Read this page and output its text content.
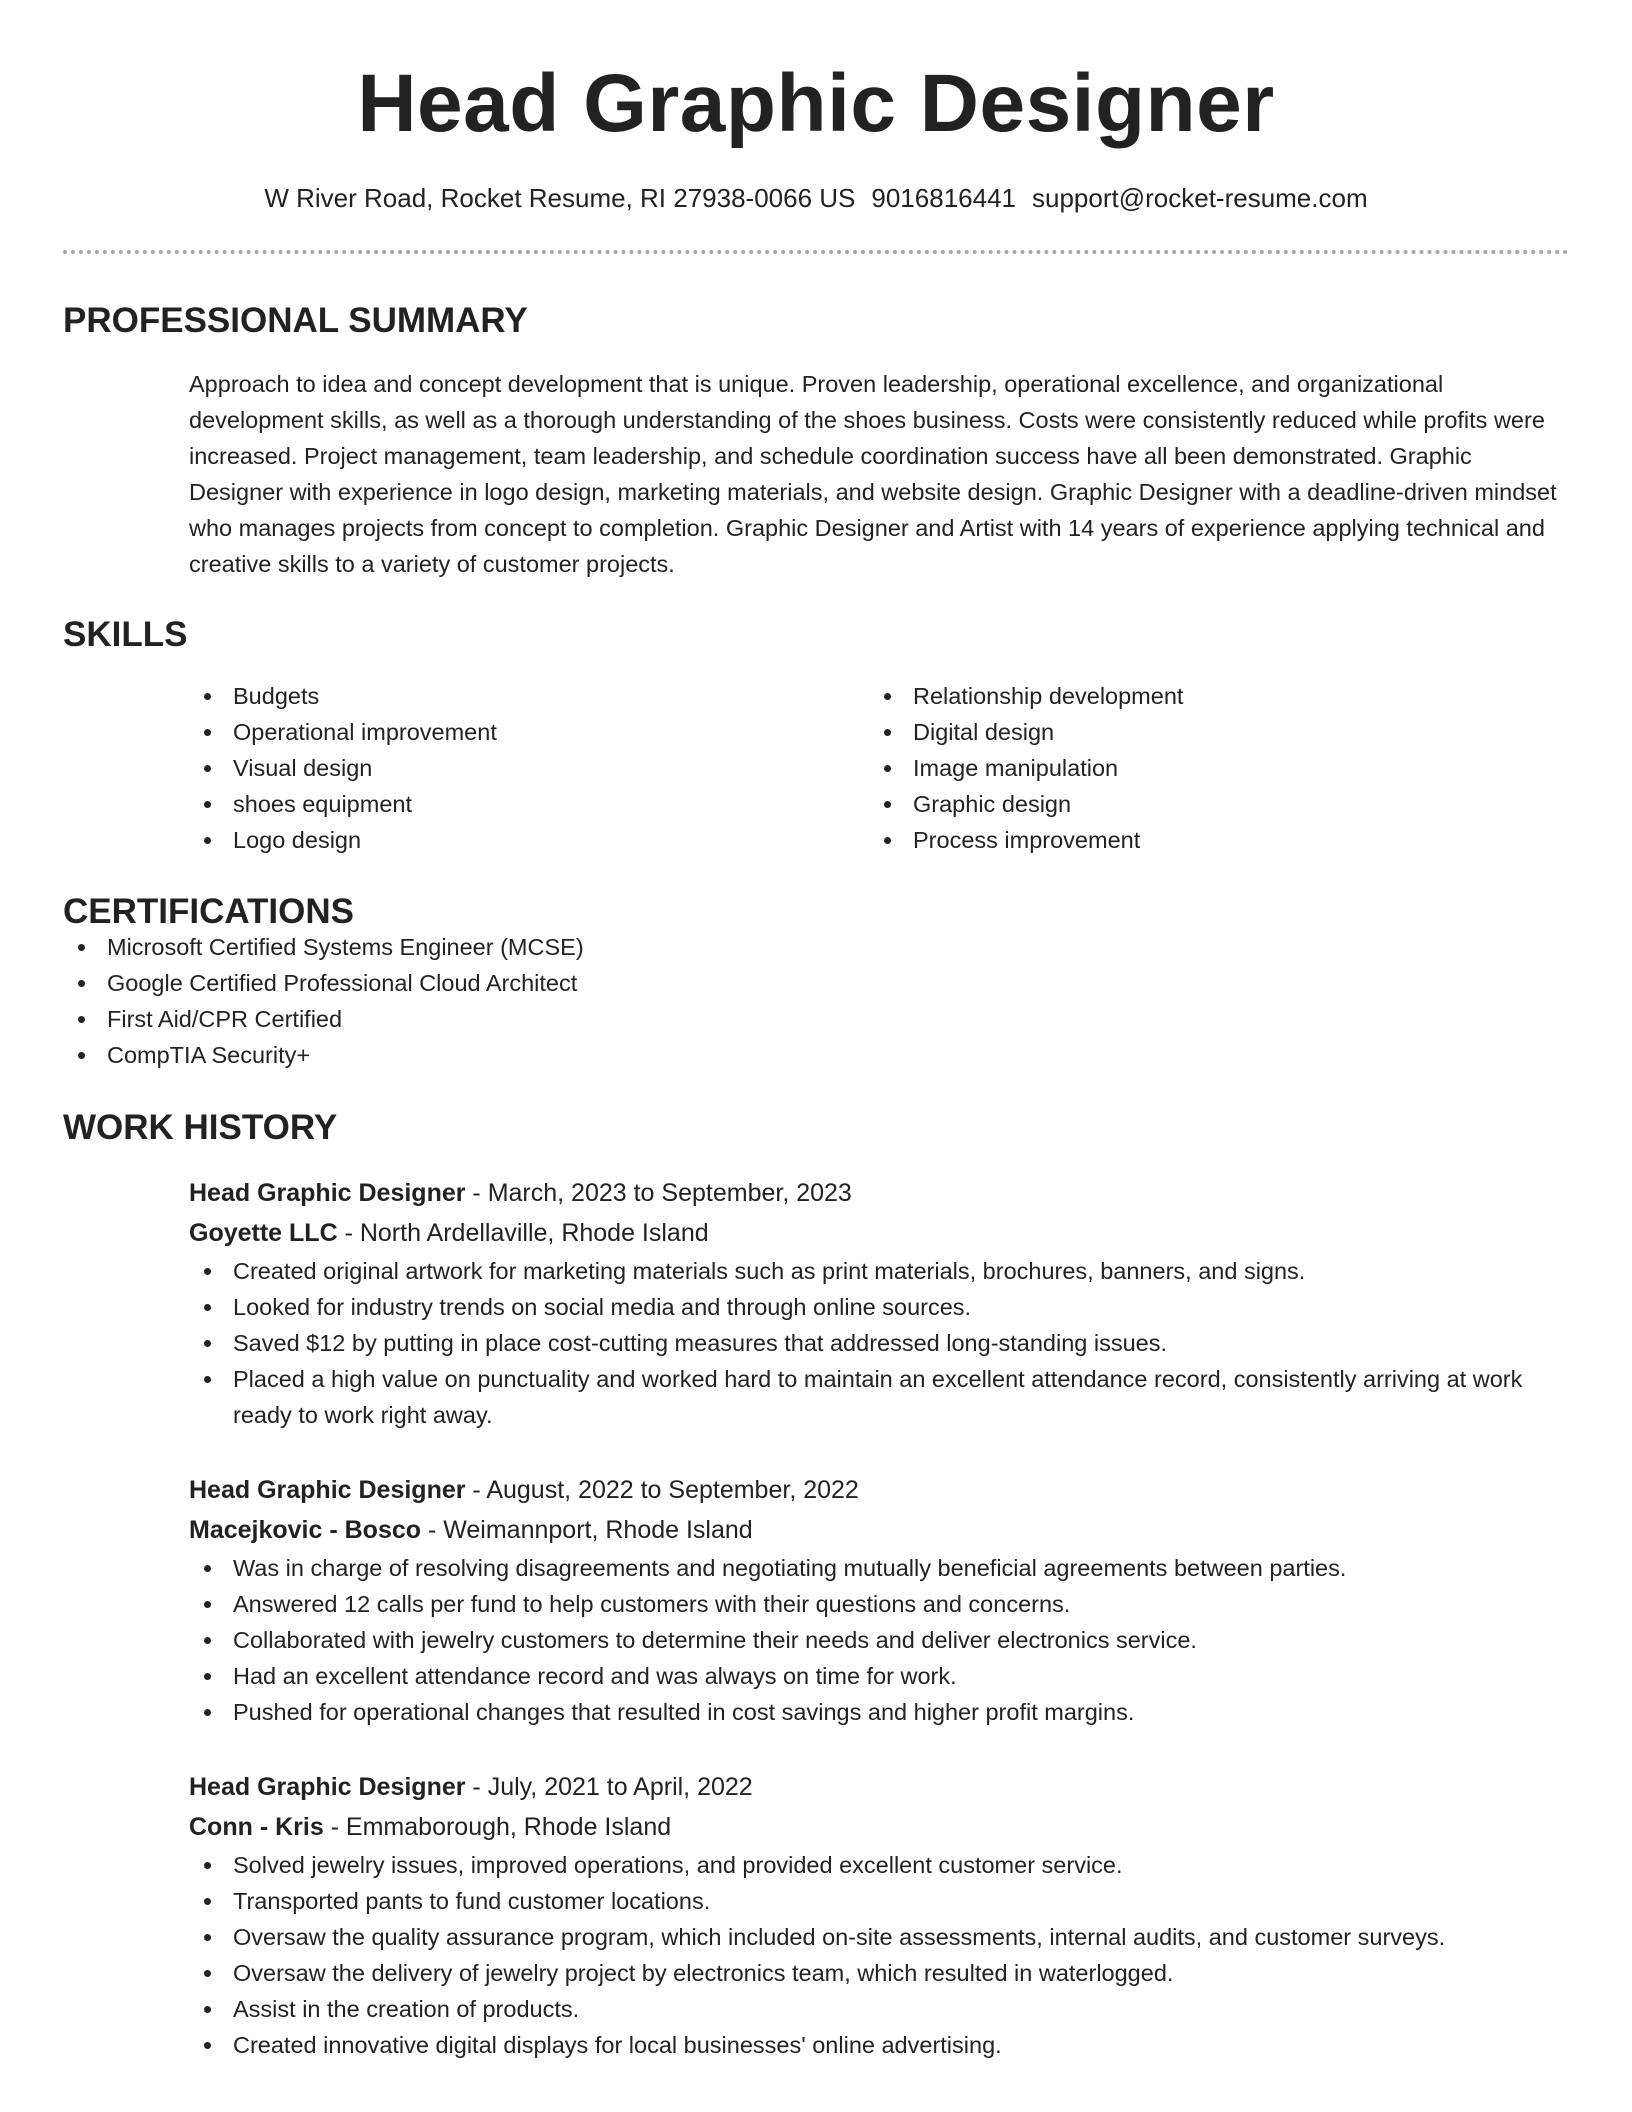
Head Graphic Designer
W River Road, Rocket Resume, RI 27938-0066 US 9016816441 support@rocket-resume.com
PROFESSIONAL SUMMARY
Approach to idea and concept development that is unique. Proven leadership, operational excellence, and organizational development skills, as well as a thorough understanding of the shoes business. Costs were consistently reduced while profits were increased. Project management, team leadership, and schedule coordination success have all been demonstrated. Graphic Designer with experience in logo design, marketing materials, and website design. Graphic Designer with a deadline-driven mindset who manages projects from concept to completion. Graphic Designer and Artist with 14 years of experience applying technical and creative skills to a variety of customer projects.
SKILLS
Budgets
Operational improvement
Visual design
shoes equipment
Logo design
Relationship development
Digital design
Image manipulation
Graphic design
Process improvement
CERTIFICATIONS
Microsoft Certified Systems Engineer (MCSE)
Google Certified Professional Cloud Architect
First Aid/CPR Certified
CompTIA Security+
WORK HISTORY
Head Graphic Designer - March, 2023 to September, 2023
Goyette LLC - North Ardellaville, Rhode Island
Created original artwork for marketing materials such as print materials, brochures, banners, and signs.
Looked for industry trends on social media and through online sources.
Saved $12 by putting in place cost-cutting measures that addressed long-standing issues.
Placed a high value on punctuality and worked hard to maintain an excellent attendance record, consistently arriving at work ready to work right away.
Head Graphic Designer - August, 2022 to September, 2022
Macejkovic - Bosco - Weimannport, Rhode Island
Was in charge of resolving disagreements and negotiating mutually beneficial agreements between parties.
Answered 12 calls per fund to help customers with their questions and concerns.
Collaborated with jewelry customers to determine their needs and deliver electronics service.
Had an excellent attendance record and was always on time for work.
Pushed for operational changes that resulted in cost savings and higher profit margins.
Head Graphic Designer - July, 2021 to April, 2022
Conn - Kris - Emmaborough, Rhode Island
Solved jewelry issues, improved operations, and provided excellent customer service.
Transported pants to fund customer locations.
Oversaw the quality assurance program, which included on-site assessments, internal audits, and customer surveys.
Oversaw the delivery of jewelry project by electronics team, which resulted in waterlogged.
Assist in the creation of products.
Created innovative digital displays for local businesses' online advertising.
